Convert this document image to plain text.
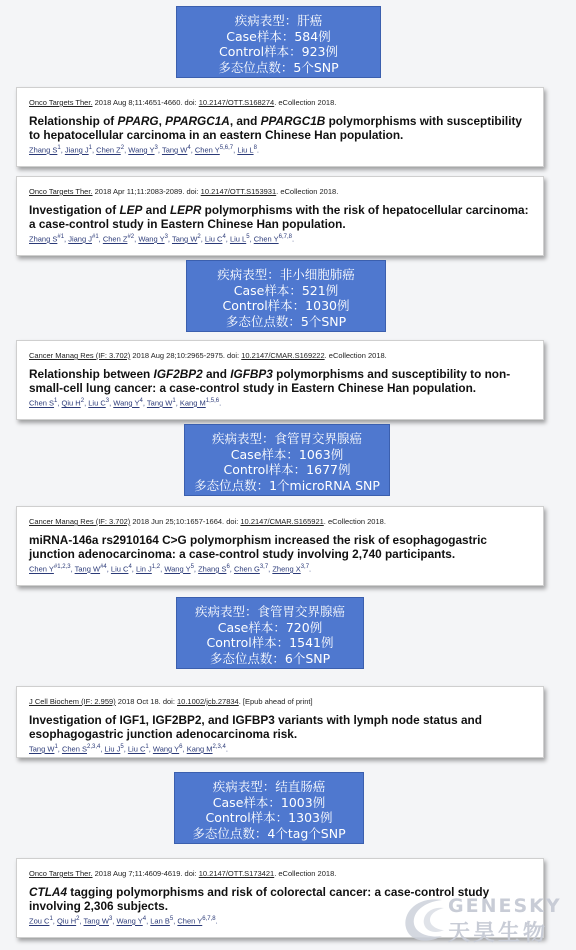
疾病表型：肝癌
Case样本：584例
Control样本：923例
多态位点数：5个SNP
Onco Targets Ther. 2018 Aug 8;11:4651-4660. doi: 10.2147/OTT.S168274. eCollection 2018.
Relationship of PPARG, PPARGC1A, and PPARGC1B polymorphisms with susceptibility to hepatocellular carcinoma in an eastern Chinese Han population.
Zhang $S^1$, Jiang $J^1$, Chen $Z^2$, Wang $Y^3$, Tang $W^4$, Chen Y$^{5,6,7}$, Liu $L^8$.
Onco Targets Ther. 2018 Apr 11;11:2083-2089. doi: 10.2147/OTT.S153931. eCollection 2018.
Investigation of LEP and LEPR polymorphisms with the risk of hepatocellular carcinoma: a case-control study in Eastern Chinese Han population.
Zhang $S^{\#1}$, Jiang $J^{\#1}$, Chen $Z^{\#2}$, Wang $Y^3$, Tang $W^2$, Liu $C^4$, Liu $L^5$, Chen Y$^{6,7,8}$.
疾病表型：非小细胞肺癌
Case样本：521例
Control样本：1030例
多态位点数：5个SNP
Cancer Manag Res (IF: 3.702) 2018 Aug 28;10:2965-2975. doi: 10.2147/CMAR.S169222. eCollection 2018.
Relationship between IGF2BP2 and IGFBP3 polymorphisms and susceptibility to non-small-cell lung cancer: a case-control study in Eastern Chinese Han population.
Chen $S^1$, Qiu $H^2$, Liu $C^3$, Wang $Y^4$, Tang $W^1$, Kang M$^{1,5,6}$.
疾病表型：食管胃交界腺癌
Case样本：1063例
Control样本：1677例
多态位点数：1个microRNA SNP
Cancer Manag Res (IF: 3.702) 2018 Jun 25;10:1657-1664. doi: 10.2147/CMAR.S165921. eCollection 2018.
miRNA-146a rs2910164 C>G polymorphism increased the risk of esophagogastric junction adenocarcinoma: a case-control study involving 2,740 participants.
Chen Y$^{\#1,2,3}$, Tang $W^{\#4}$, Liu $C^4$, Lin J$^{1,2}$, Wang $Y^5$, Zhang $S^6$, Chen G$^{3,7}$, Zheng X$^{3,7}$.
疾病表型：食管胃交界腺癌
Case样本：720例
Control样本：1541例
多态位点数：6个SNP
J Cell Biochem (IF: 2.959) 2018 Oct 18. doi: 10.1002/jcb.27834. [Epub ahead of print]
Investigation of IGF1, IGF2BP2, and IGFBP3 variants with lymph node status and esophagogastric junction adenocarcinoma risk.
Tang $W^1$, Chen S$^{2,3,4}$, Liu $J^5$, Liu $C^1$, Wang $Y^6$, Kang M$^{2,3,4}$.
疾病表型：结直肠癌
Case样本：1003例
Control样本：1303例
多态位点数：4个tag个SNP
Onco Targets Ther. 2018 Aug 7;11:4609-4619. doi: 10.2147/OTT.S173421. eCollection 2018.
CTLA4 tagging polymorphisms and risk of colorectal cancer: a case-control study involving 2,306 subjects.
Zou $C^1$, Qiu $H^2$, Tang $W^3$, Wang $Y^4$, Lan $B^5$, Chen Y$^{6,7,8}$.
GENESKY
天昊生物
